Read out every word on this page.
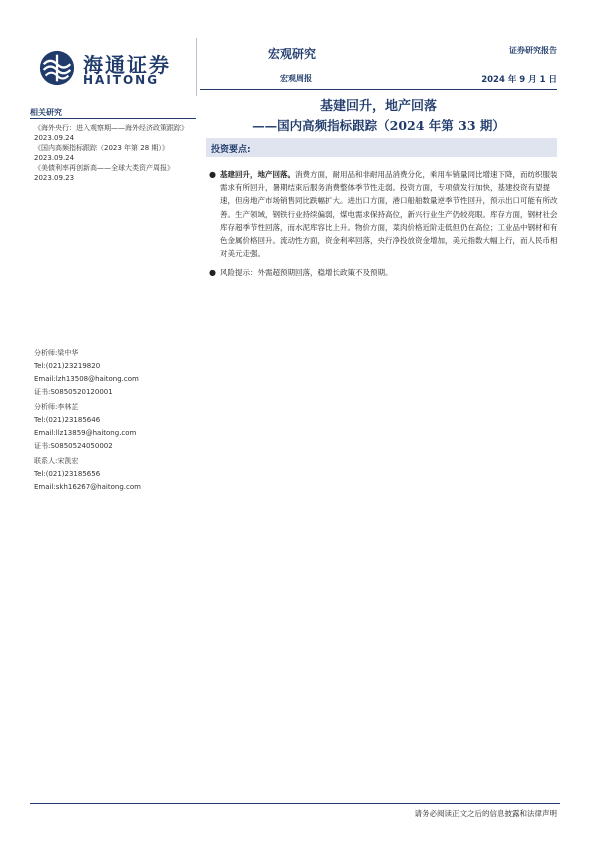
海通证券
HAITONG
宏观研究
宏观周报
证券研究报告
2024 年 9 月 1 日
基建回升，地产回落
——国内高频指标跟踪（2024 年第 33 期）
相关研究
《海外央行：进入观察期——海外经济政策跟踪》2023.09.24
《国内高频指标跟踪（2023 年第 28 期）》2023.09.24
《美债利率再创新高——全球大类资产周报》2023.09.23
分析师:梁中华
Tel:(021)23219820
Email:lzh13508@haitong.com
证书:S0850520120001
分析师:李林芷
Tel:(021)23185646
Email:llz13859@haitong.com
证书:S0850524050002
联系人:宋凯宏
Tel:(021)23185656
Email:skh16267@haitong.com
投资要点:
● 基建回升，地产回落。消费方面，耐用品和非耐用品消费分化，乘用车销量同比增速下降，而纺织服装需求有所回升，暑期结束后服务消费整体季节性走弱。投资方面，专项债发行加快，基建投资有望提速，但房地产市场销售同比跌幅扩大。进出口方面，港口船舶数量逆季节性回升，预示出口可能有所改善。生产领域，钢铁行业持续偏弱，煤电需求保持高位，新兴行业生产仍较亮眼。库存方面，钢材社会库存超季节性回落，而水泥库容比上升。物价方面，菜肉价格近阶走低但仍在高位；工业品中钢材和有色金属价格回升。流动性方面，资金利率回落，央行净投放资金增加，美元指数大幅上行，而人民币相对美元走强。
● 风险提示：外需超预期回落，稳增长政策不及预期。
请务必阅读正文之后的信息披露和法律声明
